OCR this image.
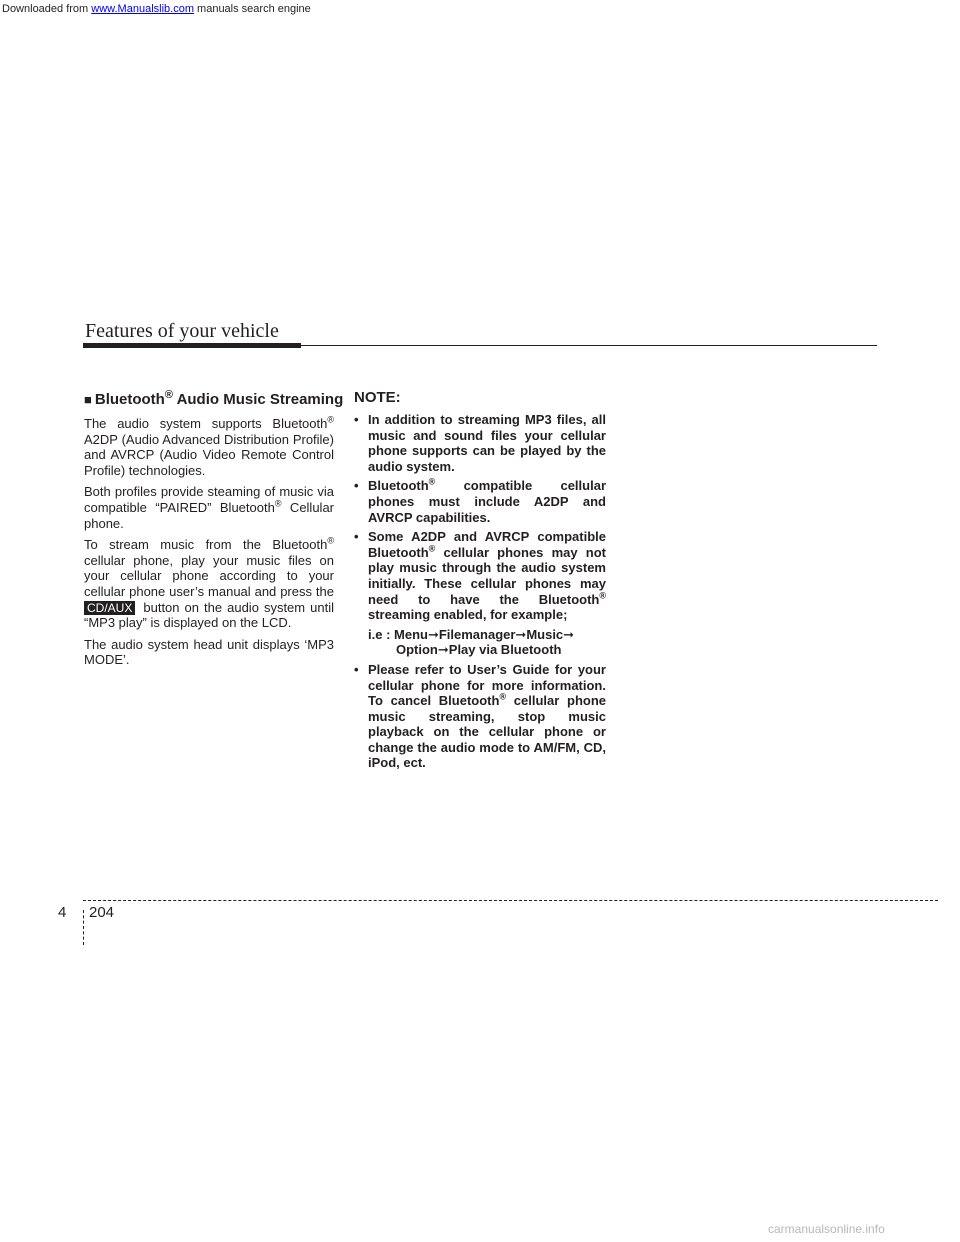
Downloaded from www.Manualslib.com manuals search engine
Features of your vehicle
■ Bluetooth® Audio Music Streaming

The audio system supports Bluetooth® A2DP (Audio Advanced Distribution Profile) and AVRCP (Audio Video Remote Control Profile) technologies.

Both profiles provide steaming of music via compatible “PAIRED” Bluetooth® Cellular phone.

To stream music from the Bluetooth® cellular phone, play your music files on your cellular phone according to your cellular phone user’s manual and press the CD/AUX button on the audio system until “MP3 play” is displayed on the LCD.

The audio system head unit displays ‘MP3 MODE’.

NOTE:
• In addition to streaming MP3 files, all music and sound files your cellular phone supports can be played by the audio system.
• Bluetooth® compatible cellular phones must include A2DP and AVRCP capabilities.
• Some A2DP and AVRCP compatible Bluetooth® cellular phones may not play music through the audio system initially. These cellular phones may need to have the Bluetooth® streaming enabled, for example;
i.e : Menu➞Filemanager➞Music➞
Option➞Play via Bluetooth
• Please refer to User’s Guide for your cellular phone for more information. To cancel Bluetooth® cellular phone music streaming, stop music playback on the cellular phone or change the audio mode to AM/FM, CD, iPod, ect.
4 204
carmanualsonline.info
